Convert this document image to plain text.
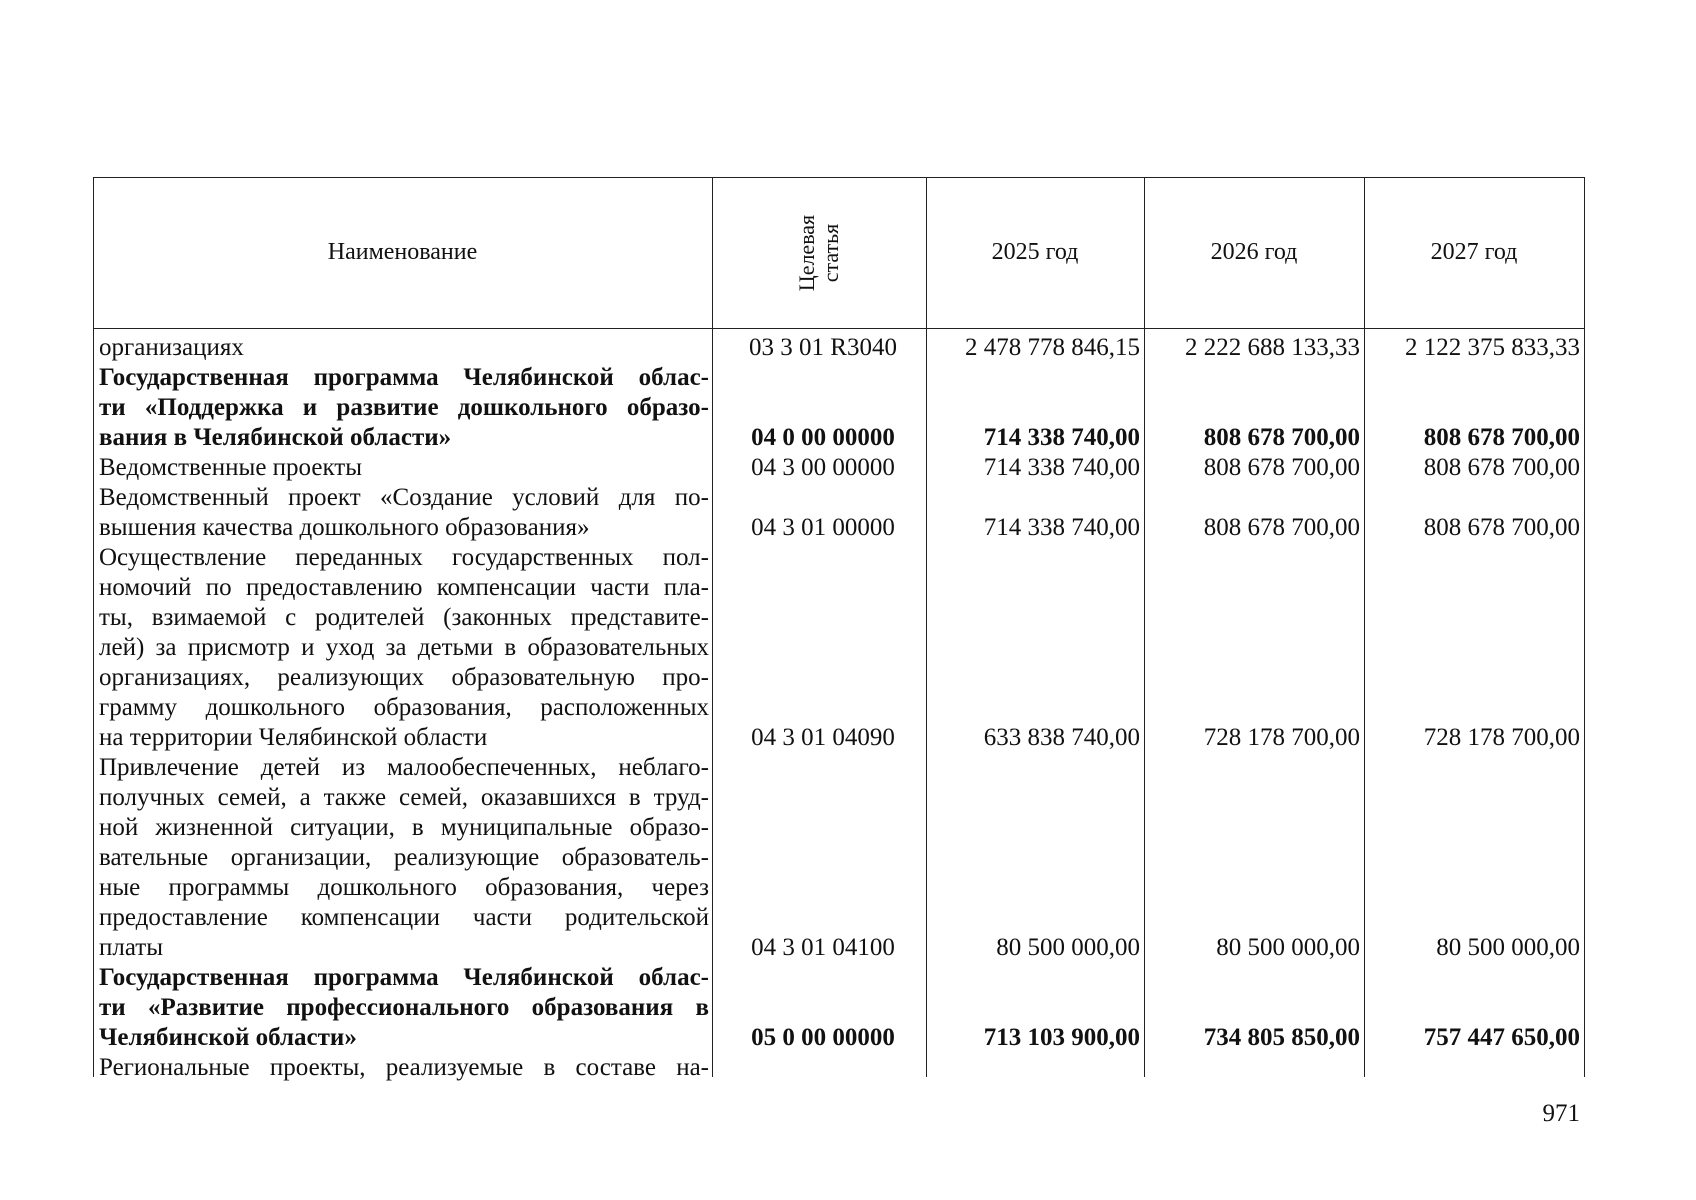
Наименование	Целевая статья	2025 год	2026 год	2027 год
организациях	03 3 01 R3040	2 478 778 846,15	2 222 688 133,33	2 122 375 833,33
Государственная программа Челябинской облас-
ти «Поддержка и развитие дошкольного образо-
вания в Челябинской области»	04 0 00 00000	714 338 740,00	808 678 700,00	808 678 700,00
Ведомственные проекты	04 3 00 00000	714 338 740,00	808 678 700,00	808 678 700,00
Ведомственный проект «Создание условий для по-
вышения качества дошкольного образования»	04 3 01 00000	714 338 740,00	808 678 700,00	808 678 700,00
Осуществление переданных государственных пол-
номочий по предоставлению компенсации части пла-
ты, взимаемой с родителей (законных представите-
лей) за присмотр и уход за детьми в образовательных
организациях, реализующих образовательную про-
грамму дошкольного образования, расположенных
на территории Челябинской области	04 3 01 04090	633 838 740,00	728 178 700,00	728 178 700,00
Привлечение детей из малообеспеченных, неблаго-
получных семей, а также семей, оказавшихся в труд-
ной жизненной ситуации, в муниципальные образо-
вательные организации, реализующие образователь-
ные программы дошкольного образования, через
предоставление компенсации части родительской
платы	04 3 01 04100	80 500 000,00	80 500 000,00	80 500 000,00
Государственная программа Челябинской облас-
ти «Развитие профессионального образования в
Челябинской области»	05 0 00 00000	713 103 900,00	734 805 850,00	757 447 650,00
Региональные проекты, реализуемые в составе на-
971
